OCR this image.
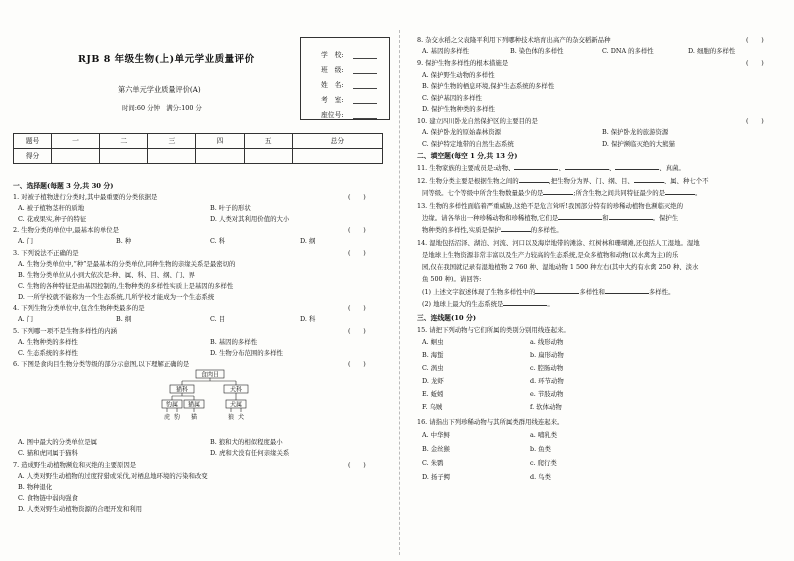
RJB 8 年级生物(上)单元学业质量评价
第六单元学业质量评价(A)
时间:60 分钟　满分:100 分
学　校:
班　级:
姓　名:
考　室:
座位号:
题号	一	二	三	四	五	总分
得分						
一、选择题(每题 3 分,共 30 分)
1. 对被子植物进行分类时,其中最重要的分类依据是	(　　)
A. 被子植物茎秆的质地	B. 叶子的形状
C. 花或果实,种子的特征	D. 人类对其利用价值的大小
2. 生物分类的单位中,最基本的单位是	(　　)
A. 门	B. 种	C. 科	D. 纲
3. 下列说法不正确的是	(　　)
A. 生物分类单位中,“种”是最基本的分类单位,同种生物的亲缘关系是最密切的
B. 生物分类单位从小到大依次是:种、属、科、目、纲、门、界
C. 生物的各种特征是由基因控制的,生物种类的多样性实质上是基因的多样性
D. 一所学校就不能称为一个生态系统,几所学校才能成为一个生态系统
4. 下列生物分类单位中,包含生物种类最多的是	(　　)
A. 门	B. 纲	C. 目	D. 科
5. 下列哪一项不是生物多样性的内涵	(　　)
A. 生物种类的多样性	B. 基因的多样性
C. 生态系统的多样性	D. 生物分布范围的多样性
6. 下图是食肉目生物分类等级的部分示意图,以下理解正确的是	(　　)
食肉目
猫科	犬科
豹属 猫属	犬属
虎 豹 猫	狼 犬
A. 图中最大的分类单位是属	B. 狼和犬的相似程度最小
C. 猫和虎同属于猫科	D. 虎和犬没有任何亲缘关系
7. 造成野生动植物濒危和灭绝的主要原因是	(　　)
A. 人类对野生动植物的过度狩猎或采伐,对栖息地环境的污染和改变
B. 物种退化
C. 食物链中弱肉强食
D. 人类对野生动植物资源的合理开发和利用
8. 杂交水稻之父袁隆平利用下列哪种技术培育出高产的杂交稻新品种	(　　)
A. 基因的多样性	B. 染色体的多样性	C. DNA 的多样性	D. 细胞的多样性
9. 保护生物多样性的根本措施是	(　　)
A. 保护野生动物的多样性
B. 保护生物的栖息环境,保护生态系统的多样性
C. 保护基因的多样性
D. 保护生物种类的多样性
10. 建立四川卧龙自然保护区的主要目的是	(　　)
A. 保护卧龙的原始森林资源	B. 保护卧龙的旅游资源
C. 保护特定地带的自然生态系统	D. 保护濒临灭绝的大熊猫
二、填空题(每空 1 分,共 13 分)
11. 生物家族的主要成员是:动物、	、	、	、真菌。
12. 生物分类主要是根据生物之间的	,把生物分为界、门、纲、目、	、属、种七个不
同等级。七个等级中所含生物数量最少的是	;所含生物之间共同特征最少的是	。
13. 生物的多样性面临着严重威胁,这绝不是危言耸听!我国部分特有的珍稀动植物也濒临灭绝的
边缘。请各举出一种珍稀动物和珍稀植物,它们是	和	。保护生
物种类的多样性,实质是保护	的多样性。
14. 湿地包括沼泽、湖泊、河流、河口以及海岸地带的滩涂、红树林和珊瑚滩,还包括人工湿地。湿地
是地球上生物资源非常丰富以及生产力较高的生态系统,是众多植物和动物(以水禽为主)的乐
园,仅在我国就记录有湿地植物 2 760 种、湿地动物 1 500 种左右(其中大约有水禽 250 种、淡水
鱼 500 种)。请回答:
(1) 上述文字叙述体现了生物多样性中的	多样性和	多样性。
(2) 地球上最大的生态系统是	。
三、连线题(10 分)
15. 请把下列动物与它们所属的类别分别用线连起来。
A. 蛔虫	a. 线形动物
B. 海蜇	b. 扁形动物
C. 涡虫	c. 腔肠动物
D. 龙虾	d. 环节动物
E. 蚯蚓	e. 节肢动物
F. 乌贼	f. 软体动物
16. 请指出下列珍稀动物与其所属类群用线连起来。
A. 中华鲟	a. 哺乳类
B. 金丝猴	b. 鱼类
C. 朱鹮	c. 爬行类
D. 扬子鳄	d. 鸟类
